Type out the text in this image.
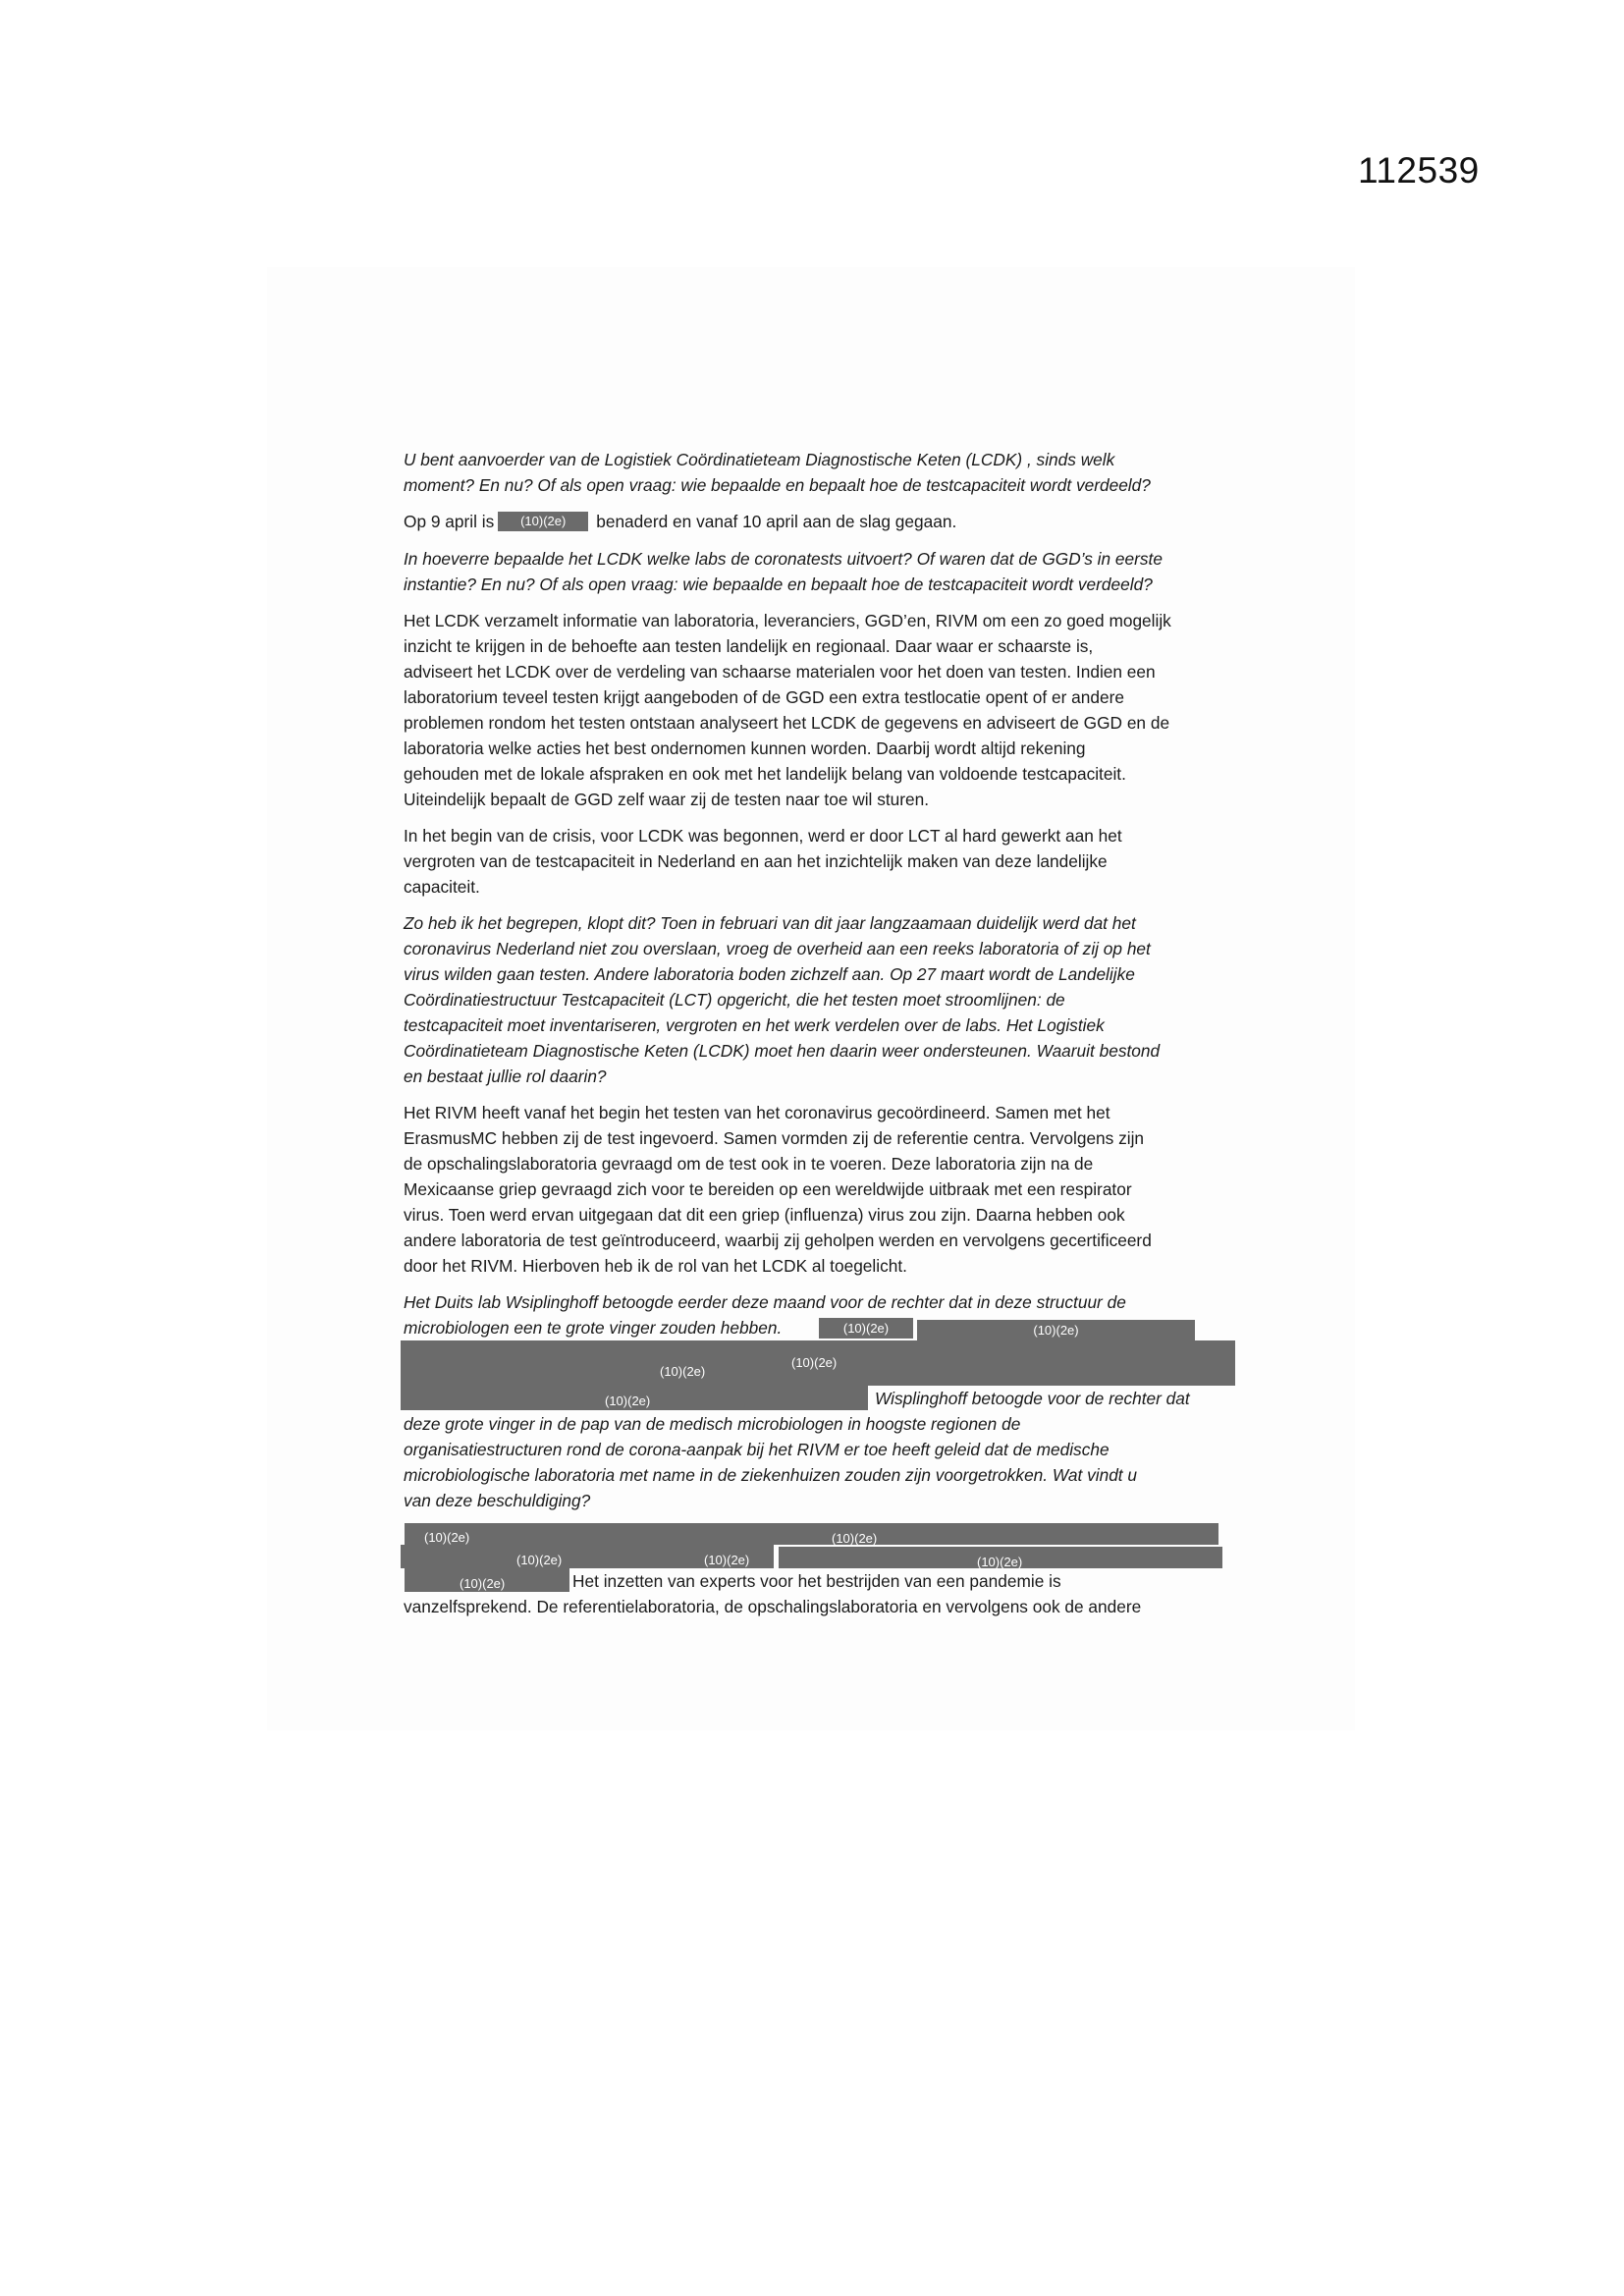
112539

U bent aanvoerder van de Logistiek Coördinatieteam Diagnostische Keten (LCDK) , sinds welk
moment? En nu? Of als open vraag: wie bepaalde en bepaalt hoe de testcapaciteit wordt verdeeld?

Op 9 april is	(10)(2e)	benaderd en vanaf 10 april aan de slag gegaan.

In hoeverre bepaalde het LCDK welke labs de coronatests uitvoert? Of waren dat de GGD’s in eerste
instantie? En nu? Of als open vraag: wie bepaalde en bepaalt hoe de testcapaciteit wordt verdeeld?

Het LCDK verzamelt informatie van laboratoria, leveranciers, GGD’en, RIVM om een zo goed mogelijk
inzicht te krijgen in de behoefte aan testen landelijk en regionaal. Daar waar er schaarste is,
adviseert het LCDK over de verdeling van schaarse materialen voor het doen van testen. Indien een
laboratorium teveel testen krijgt aangeboden of de GGD een extra testlocatie opent of er andere
problemen rondom het testen ontstaan analyseert het LCDK de gegevens en adviseert de GGD en de
laboratoria welke acties het best ondernomen kunnen worden. Daarbij wordt altijd rekening
gehouden met de lokale afspraken en ook met het landelijk belang van voldoende testcapaciteit.
Uiteindelijk bepaalt de GGD zelf waar zij de testen naar toe wil sturen.

In het begin van de crisis, voor LCDK was begonnen, werd er door LCT al hard gewerkt aan het
vergroten van de testcapaciteit in Nederland en aan het inzichtelijk maken van deze landelijke
capaciteit.

Zo heb ik het begrepen, klopt dit? Toen in februari van dit jaar langzaamaan duidelijk werd dat het
coronavirus Nederland niet zou overslaan, vroeg de overheid aan een reeks laboratoria of zij op het
virus wilden gaan testen. Andere laboratoria boden zichzelf aan. Op 27 maart wordt de Landelijke
Coördinatiestructuur Testcapaciteit (LCT) opgericht, die het testen moet stroomlijnen: de
testcapaciteit moet inventariseren, vergroten en het werk verdelen over de labs. Het Logistiek
Coördinatieteam Diagnostische Keten (LCDK) moet hen daarin weer ondersteunen. Waaruit bestond
en bestaat jullie rol daarin?

Het RIVM heeft vanaf het begin het testen van het coronavirus gecoördineerd. Samen met het
ErasmusMC hebben zij de test ingevoerd. Samen vormden zij de referentie centra. Vervolgens zijn
de opschalingslaboratoria gevraagd om de test ook in te voeren. Deze laboratoria zijn na de
Mexicaanse griep gevraagd zich voor te bereiden op een wereldwijde uitbraak met een respirator
virus. Toen werd ervan uitgegaan dat dit een griep (influenza) virus zou zijn. Daarna hebben ook
andere laboratoria de test geïntroduceerd, waarbij zij geholpen werden en vervolgens gecertificeerd
door het RIVM. Hierboven heb ik de rol van het LCDK al toegelicht.

Het Duits lab Wsiplinghoff betoogde eerder deze maand voor de rechter dat in deze structuur de
microbiologen een te grote vinger zouden hebben.	(10)(2e)	(10)(2e)
(10)(2e)
(10)(2e)
(10)(2e)	Wisplinghoff betoogde voor de rechter dat
deze grote vinger in de pap van de medisch microbiologen in hoogste regionen de
organisatiestructuren rond de corona-aanpak bij het RIVM er toe heeft geleid dat de medische
microbiologische laboratoria met name in de ziekenhuizen zouden zijn voorgetrokken. Wat vindt u
van deze beschuldiging?
(10)(2e)	(10)(2e)
(10)(2e)	(10)(2e)	(10)(2e)
(10)(2e)	Het inzetten van experts voor het bestrijden van een pandemie is
vanzelfsprekend. De referentielaboratoria, de opschalingslaboratoria en vervolgens ook de andere
